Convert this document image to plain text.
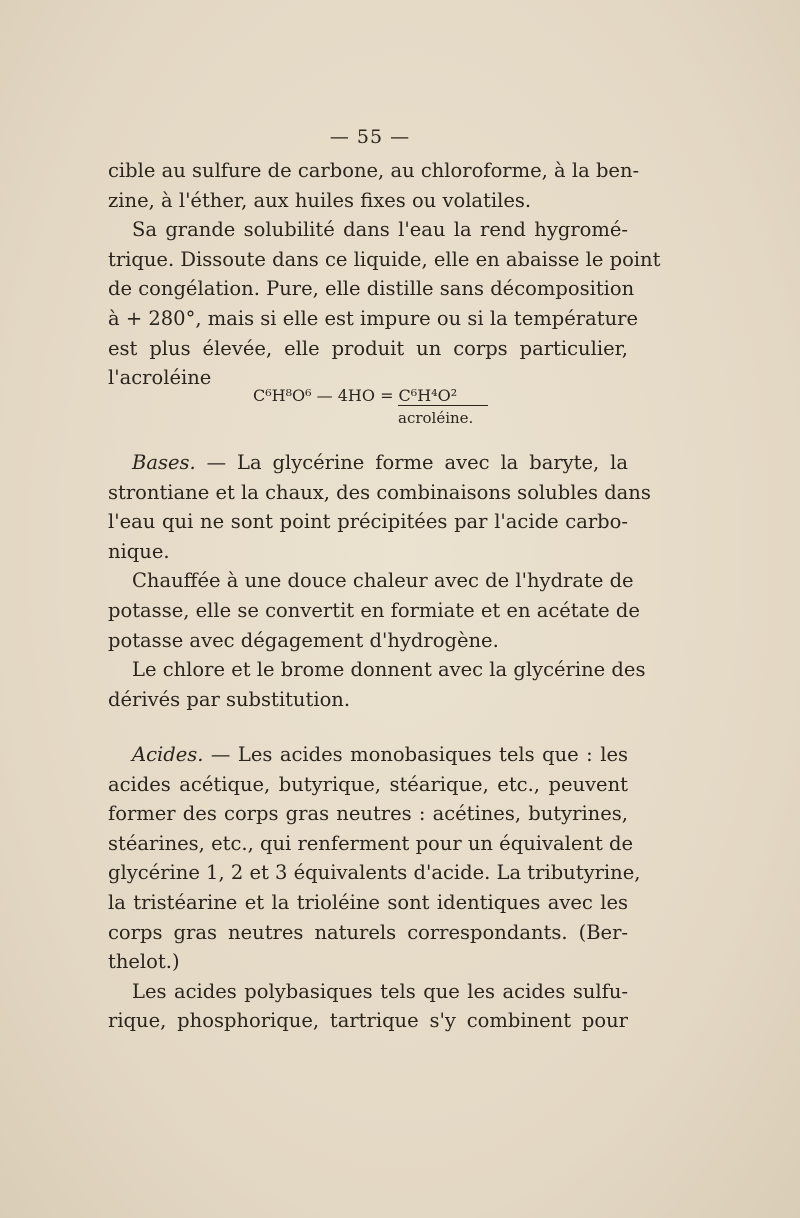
— 55 —
cible au sulfure de carbone, au chloroforme, à la ben-
zine, à l'éther, aux huiles fixes ou volatiles.
Sa grande solubilité dans l'eau la rend hygromé-
trique. Dissoute dans ce liquide, elle en abaisse le point
de congélation. Pure, elle distille sans décomposition
à + 280°, mais si elle est impure ou si la température
est plus élevée, elle produit un corps particulier,
l'acroléine
C⁶H⁸O⁶ — 4HO = C⁶H⁴O²
acroléine.
Bases. — La glycérine forme avec la baryte, la
strontiane et la chaux, des combinaisons solubles dans
l'eau qui ne sont point précipitées par l'acide carbo-
nique.
Chauffée à une douce chaleur avec de l'hydrate de
potasse, elle se convertit en formiate et en acétate de
potasse avec dégagement d'hydrogène.
Le chlore et le brome donnent avec la glycérine des
dérivés par substitution.
Acides. — Les acides monobasiques tels que : les
acides acétique, butyrique, stéarique, etc., peuvent
former des corps gras neutres : acétines, butyrines,
stéarines, etc., qui renferment pour un équivalent de
glycérine 1, 2 et 3 équivalents d'acide. La tributyrine,
la tristéarine et la trioléine sont identiques avec les
corps gras neutres naturels correspondants. (Ber-
thelot.)
Les acides polybasiques tels que les acides sulfu-
rique, phosphorique, tartrique s'y combinent pour
